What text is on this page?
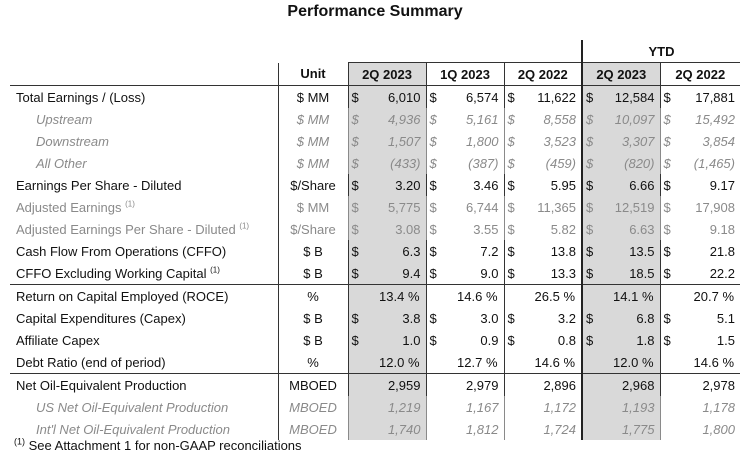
Performance Summary
								YTD			
	Unit	2Q 2023		1Q 2023		2Q 2022		2Q 2023		2Q 2022	
Total Earnings / (Loss)	$ MM	$	6,010	$	6,574	$	11,622	$	12,584	$	17,881
Upstream	$ MM	$	4,936	$	5,161	$	8,558	$	10,097	$	15,492
Downstream	$ MM	$	1,507	$	1,800	$	3,523	$	3,307	$	3,854
All Other	$ MM	$	(433)	$	(387)	$	(459)	$	(820)	$	(1,465)
Earnings Per Share - Diluted	$/Share	$	3.20	$	3.46	$	5.95	$	6.66	$	9.17
Adjusted Earnings $^{(1)}$	$ MM	$	5,775	$	6,744	$	11,365	$	12,519	$	17,908
Adjusted Earnings Per Share - Diluted $^{(1)}$	$/Share	$	3.08	$	3.55	$	5.82	$	6.63	$	9.18
Cash Flow From Operations (CFFO)	$ B	$	6.3	$	7.2	$	13.8	$	13.5	$	21.8
CFFO Excluding Working Capital $^{(1)}$	$ B	$	9.4	$	9.0	$	13.3	$	18.5	$	22.2
Return on Capital Employed (ROCE)	%	13.4 %		14.6 %		26.5 %		14.1 %		20.7 %	
Capital Expenditures (Capex)	$ B	$	3.8	$	3.0	$	3.2	$	6.8	$	5.1
Affiliate Capex	$ B	$	1.0	$	0.9	$	0.8	$	1.8	$	1.5
Debt Ratio (end of period)	%	12.0 %		12.7 %		14.6 %		12.0 %		14.6 %	
Net Oil-Equivalent Production	MBOED	2,959		2,979		2,896		2,968		2,978	
US Net Oil-Equivalent Production	MBOED	1,219		1,167		1,172		1,193		1,178	
Int'l Net Oil-Equivalent Production	MBOED	1,740		1,812		1,724		1,775		1,800	
$^{(1)}$ See Attachment 1 for non-GAAP reconciliations
